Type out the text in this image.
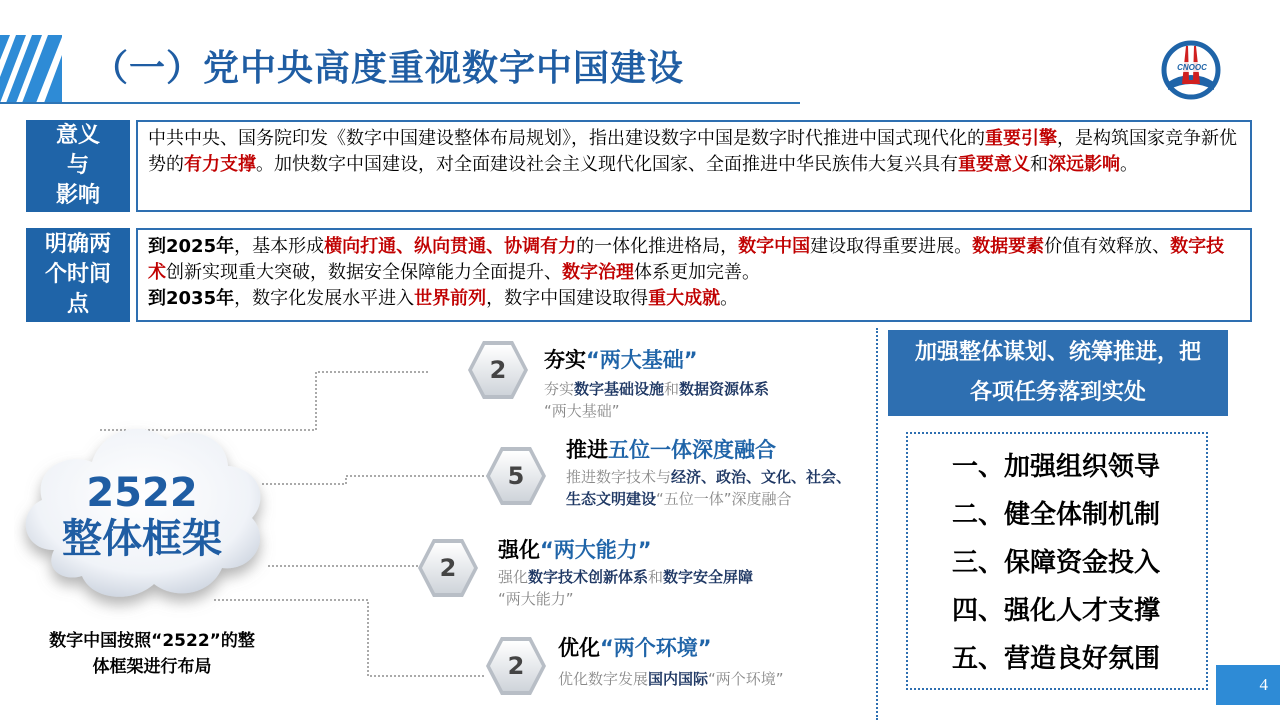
（一）党中央高度重视数字中国建设	CNOOC
意义
与
影响
中共中央、国务院印发《数字中国建设整体布局规划》，指出建设数字中国是数字时代推进中国式现代化的重要引擎，是构筑国家竞争新优势的有力支撑。加快数字中国建设，对全面建设社会主义现代化国家、全面推进中华民族伟大复兴具有重要意义和深远影响。
明确两
个时间
点
到2025年，基本形成横向打通、纵向贯通、协调有力的一体化推进格局，数字中国建设取得重要进展。数据要素价值有效释放、数字技术创新实现重大突破，数据安全保障能力全面提升、数字治理体系更加完善。
到2035年，数字化发展水平进入世界前列，数字中国建设取得重大成就。
2522
整体框架
数字中国按照“2522”的整
体框架进行布局
2	夯实“两大基础”
夯实数字基础设施和数据资源体系
“两大基础”
5
推进五位一体深度融合
推进数字技术与经济、政治、文化、社会、
生态文明建设“五位一体”深度融合
2
强化“两大能力”
强化数字技术创新体系和数字安全屏障
“两大能力”
2
优化“两个环境”
优化数字发展国内国际“两个环境”
加强整体谋划、统筹推进，把
各项任务落到实处
一、加强组织领导
二、健全体制机制
三、保障资金投入
四、强化人才支撑
五、营造良好氛围
4
